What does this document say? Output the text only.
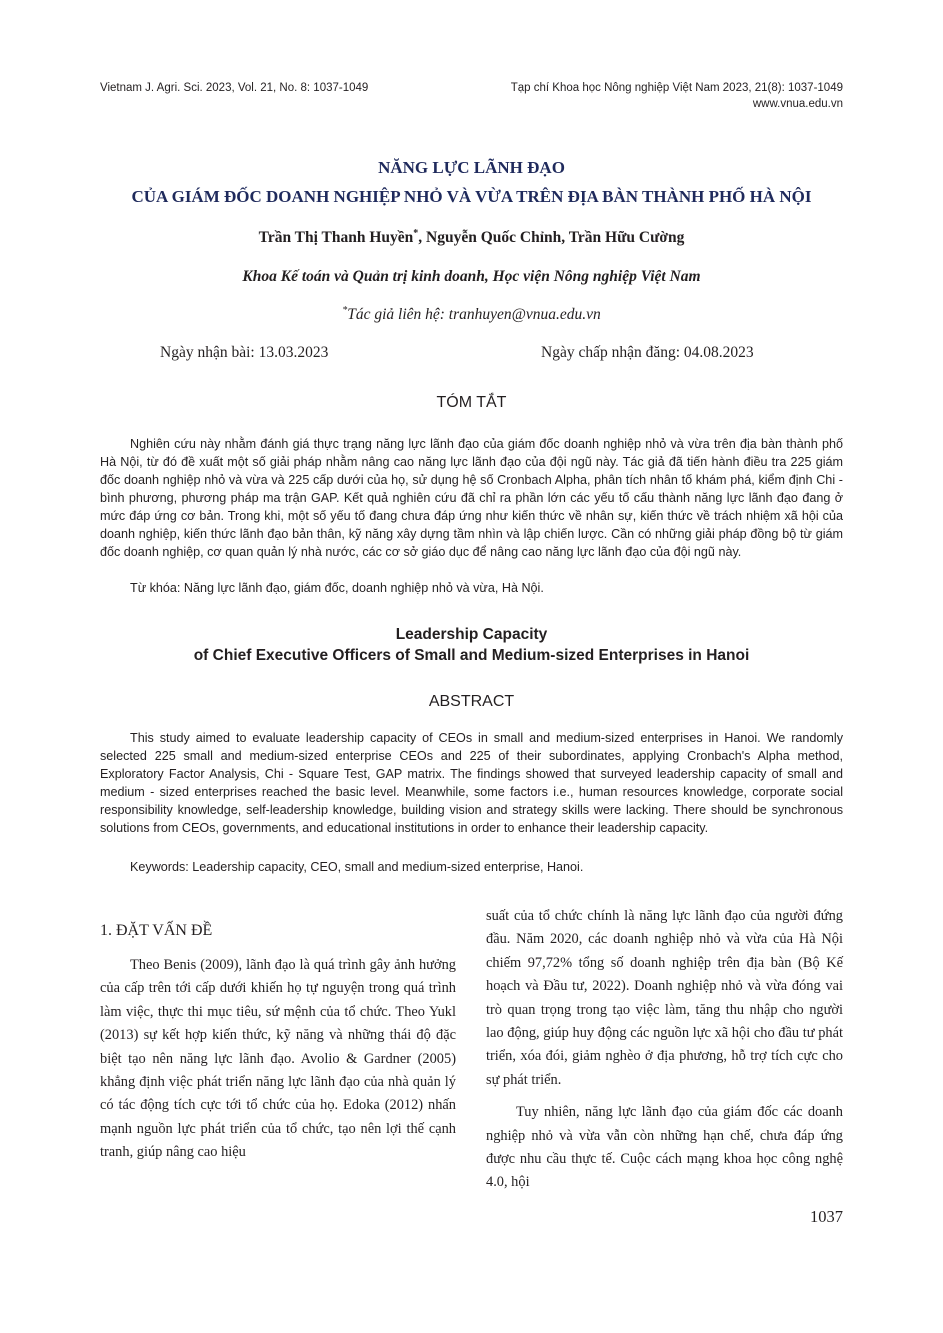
Vietnam J. Agri. Sci. 2023, Vol. 21, No. 8: 1037-1049	Tạp chí Khoa học Nông nghiệp Việt Nam 2023, 21(8): 1037-1049
www.vnua.edu.vn
NĂNG LỰC LÃNH ĐẠO
CỦA GIÁM ĐỐC DOANH NGHIỆP NHỎ VÀ VỪA TRÊN ĐỊA BÀN THÀNH PHỐ HÀ NỘI
Trần Thị Thanh Huyền*, Nguyễn Quốc Chỉnh, Trần Hữu Cường
Khoa Kế toán và Quản trị kinh doanh, Học viện Nông nghiệp Việt Nam
*Tác giả liên hệ: tranhuyen@vnua.edu.vn
Ngày nhận bài: 13.03.2023	Ngày chấp nhận đăng: 04.08.2023
TÓM TẮT
Nghiên cứu này nhằm đánh giá thực trạng năng lực lãnh đạo của giám đốc doanh nghiệp nhỏ và vừa trên địa bàn thành phố Hà Nội, từ đó đề xuất một số giải pháp nhằm nâng cao năng lực lãnh đạo của đội ngũ này. Tác giả đã tiến hành điều tra 225 giám đốc doanh nghiệp nhỏ và vừa và 225 cấp dưới của họ, sử dụng hệ số Cronbach Alpha, phân tích nhân tố khám phá, kiểm định Chi - bình phương, phương pháp ma trận GAP. Kết quả nghiên cứu đã chỉ ra phần lớn các yếu tố cấu thành năng lực lãnh đạo đang ở mức đáp ứng cơ bản. Trong khi, một số yếu tố đang chưa đáp ứng như kiến thức về nhân sự, kiến thức về trách nhiệm xã hội của doanh nghiệp, kiến thức lãnh đạo bản thân, kỹ năng xây dựng tầm nhìn và lập chiến lược. Cần có những giải pháp đồng bộ từ giám đốc doanh nghiệp, cơ quan quản lý nhà nước, các cơ sở giáo dục để nâng cao năng lực lãnh đạo của đội ngũ này.
Từ khóa: Năng lực lãnh đạo, giám đốc, doanh nghiệp nhỏ và vừa, Hà Nội.
Leadership Capacity
of Chief Executive Officers of Small and Medium-sized Enterprises in Hanoi
ABSTRACT
This study aimed to evaluate leadership capacity of CEOs in small and medium-sized enterprises in Hanoi. We randomly selected 225 small and medium-sized enterprise CEOs and 225 of their subordinates, applying Cronbach's Alpha method, Exploratory Factor Analysis, Chi - Square Test, GAP matrix. The findings showed that surveyed leadership capacity of small and medium - sized enterprises reached the basic level. Meanwhile, some factors i.e., human resources knowledge, corporate social responsibility knowledge, self-leadership knowledge, building vision and strategy skills were lacking. There should be synchronous solutions from CEOs, governments, and educational institutions in order to enhance their leadership capacity.
Keywords: Leadership capacity, CEO, small and medium-sized enterprise, Hanoi.
1. ĐẶT VẤN ĐỀ

Theo Benis (2009), lãnh đạo là quá trình gây ảnh hưởng của cấp trên tới cấp dưới khiến họ tự nguyện trong quá trình làm việc, thực thi mục tiêu, sứ mệnh của tổ chức. Theo Yukl (2013) sự kết hợp kiến thức, kỹ năng và những thái độ đặc biệt tạo nên năng lực lãnh đạo. Avolio & Gardner (2005) khẳng định việc phát triển năng lực lãnh đạo của nhà quản lý có tác động tích cực tới tổ chức của họ. Edoka (2012) nhấn mạnh nguồn lực phát triển của tổ chức, tạo nên lợi thế cạnh tranh, giúp nâng cao hiệu

suất của tổ chức chính là năng lực lãnh đạo của người đứng đầu. Năm 2020, các doanh nghiệp nhỏ và vừa của Hà Nội chiếm 97,72% tổng số doanh nghiệp trên địa bàn (Bộ Kế hoạch và Đầu tư, 2022). Doanh nghiệp nhỏ và vừa đóng vai trò quan trọng trong tạo việc làm, tăng thu nhập cho người lao động, giúp huy động các nguồn lực xã hội cho đầu tư phát triển, xóa đói, giảm nghèo ở địa phương, hỗ trợ tích cực cho sự phát triển.

Tuy nhiên, năng lực lãnh đạo của giám đốc các doanh nghiệp nhỏ và vừa vẫn còn những hạn chế, chưa đáp ứng được nhu cầu thực tế. Cuộc cách mạng khoa học công nghệ 4.0, hội

1037
